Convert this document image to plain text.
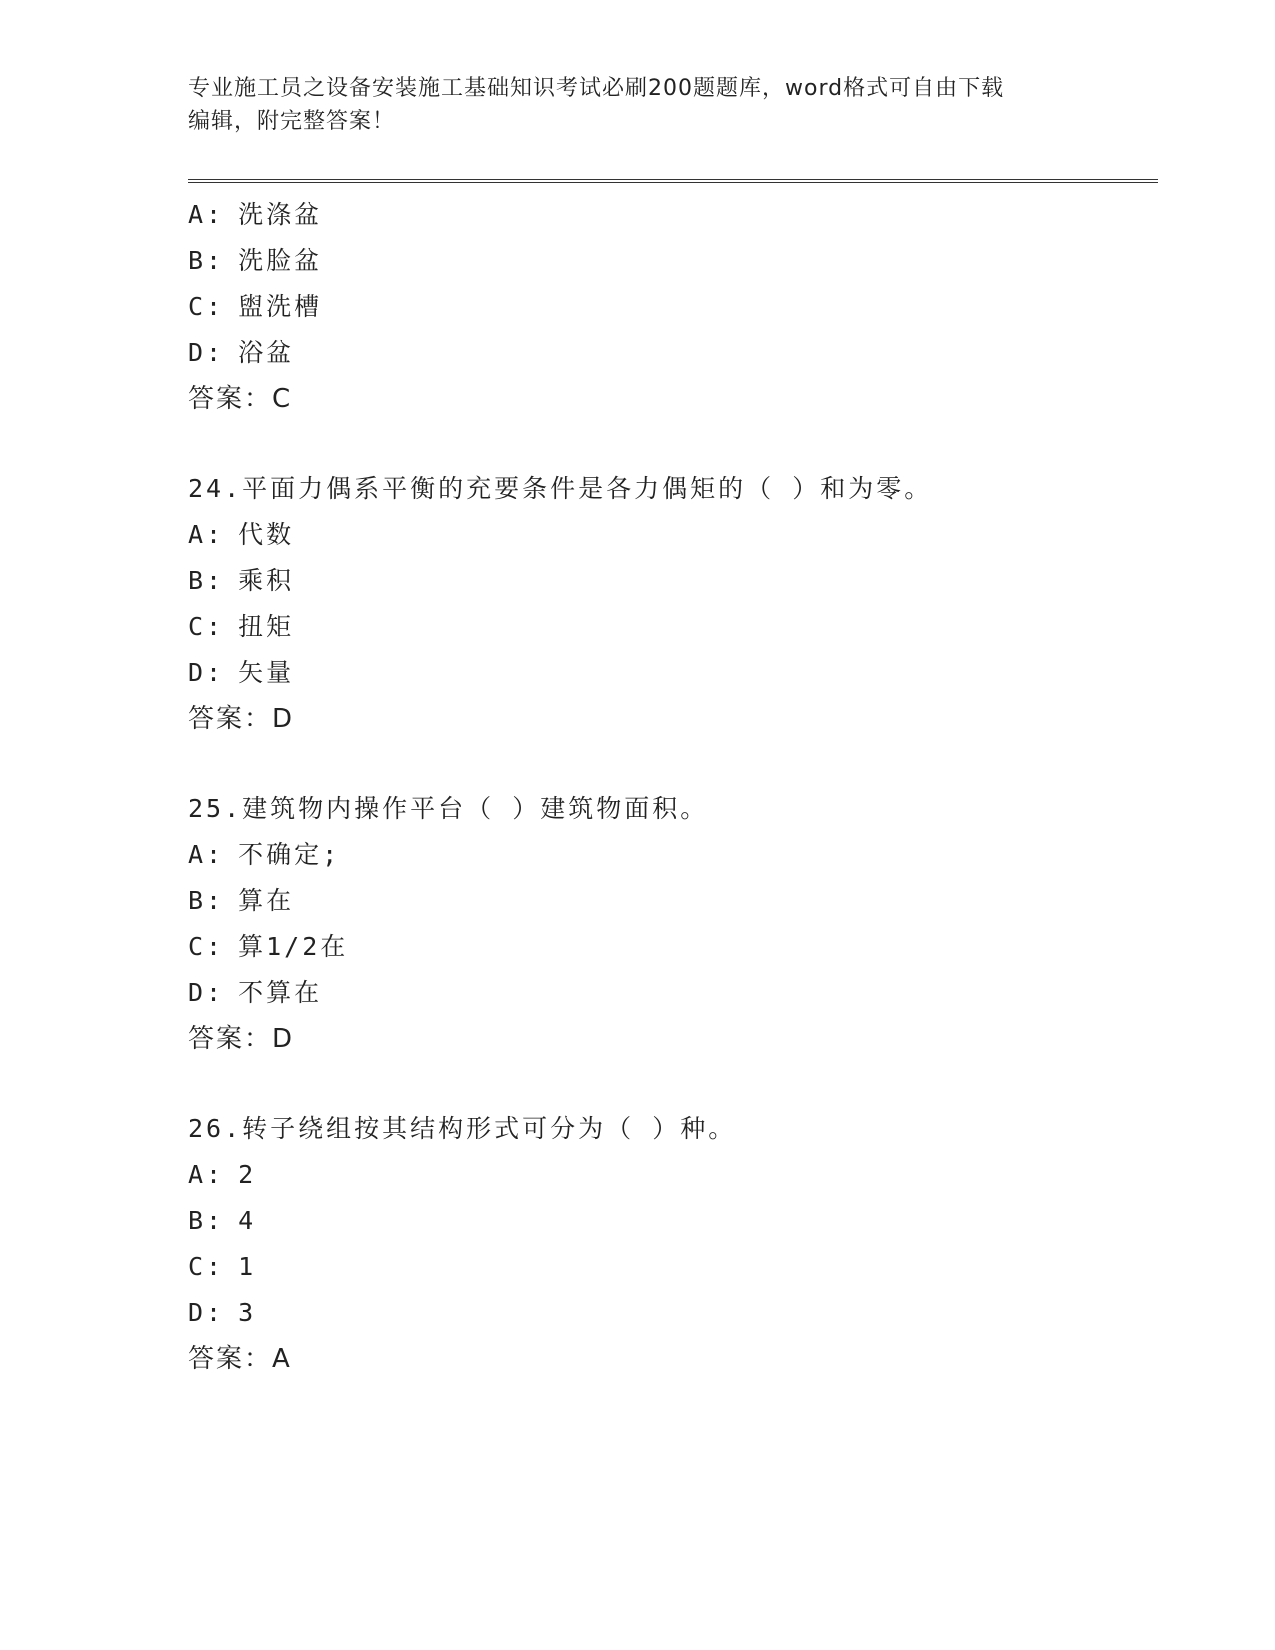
专业施工员之设备安装施工基础知识考试必刷200题题库，word格式可自由下载
编辑，附完整答案！
A: 洗涤盆
B: 洗脸盆
C: 盥洗槽
D: 浴盆
答案：C
24.平面力偶系平衡的充要条件是各力偶矩的（ ）和为零。
A: 代数
B: 乘积
C: 扭矩
D: 矢量
答案：D
25.建筑物内操作平台（ ）建筑物面积。
A: 不确定;
B: 算在
C: 算1/2在
D: 不算在
答案：D
26.转子绕组按其结构形式可分为（ ）种。
A: 2
B: 4
C: 1
D: 3
答案：A
